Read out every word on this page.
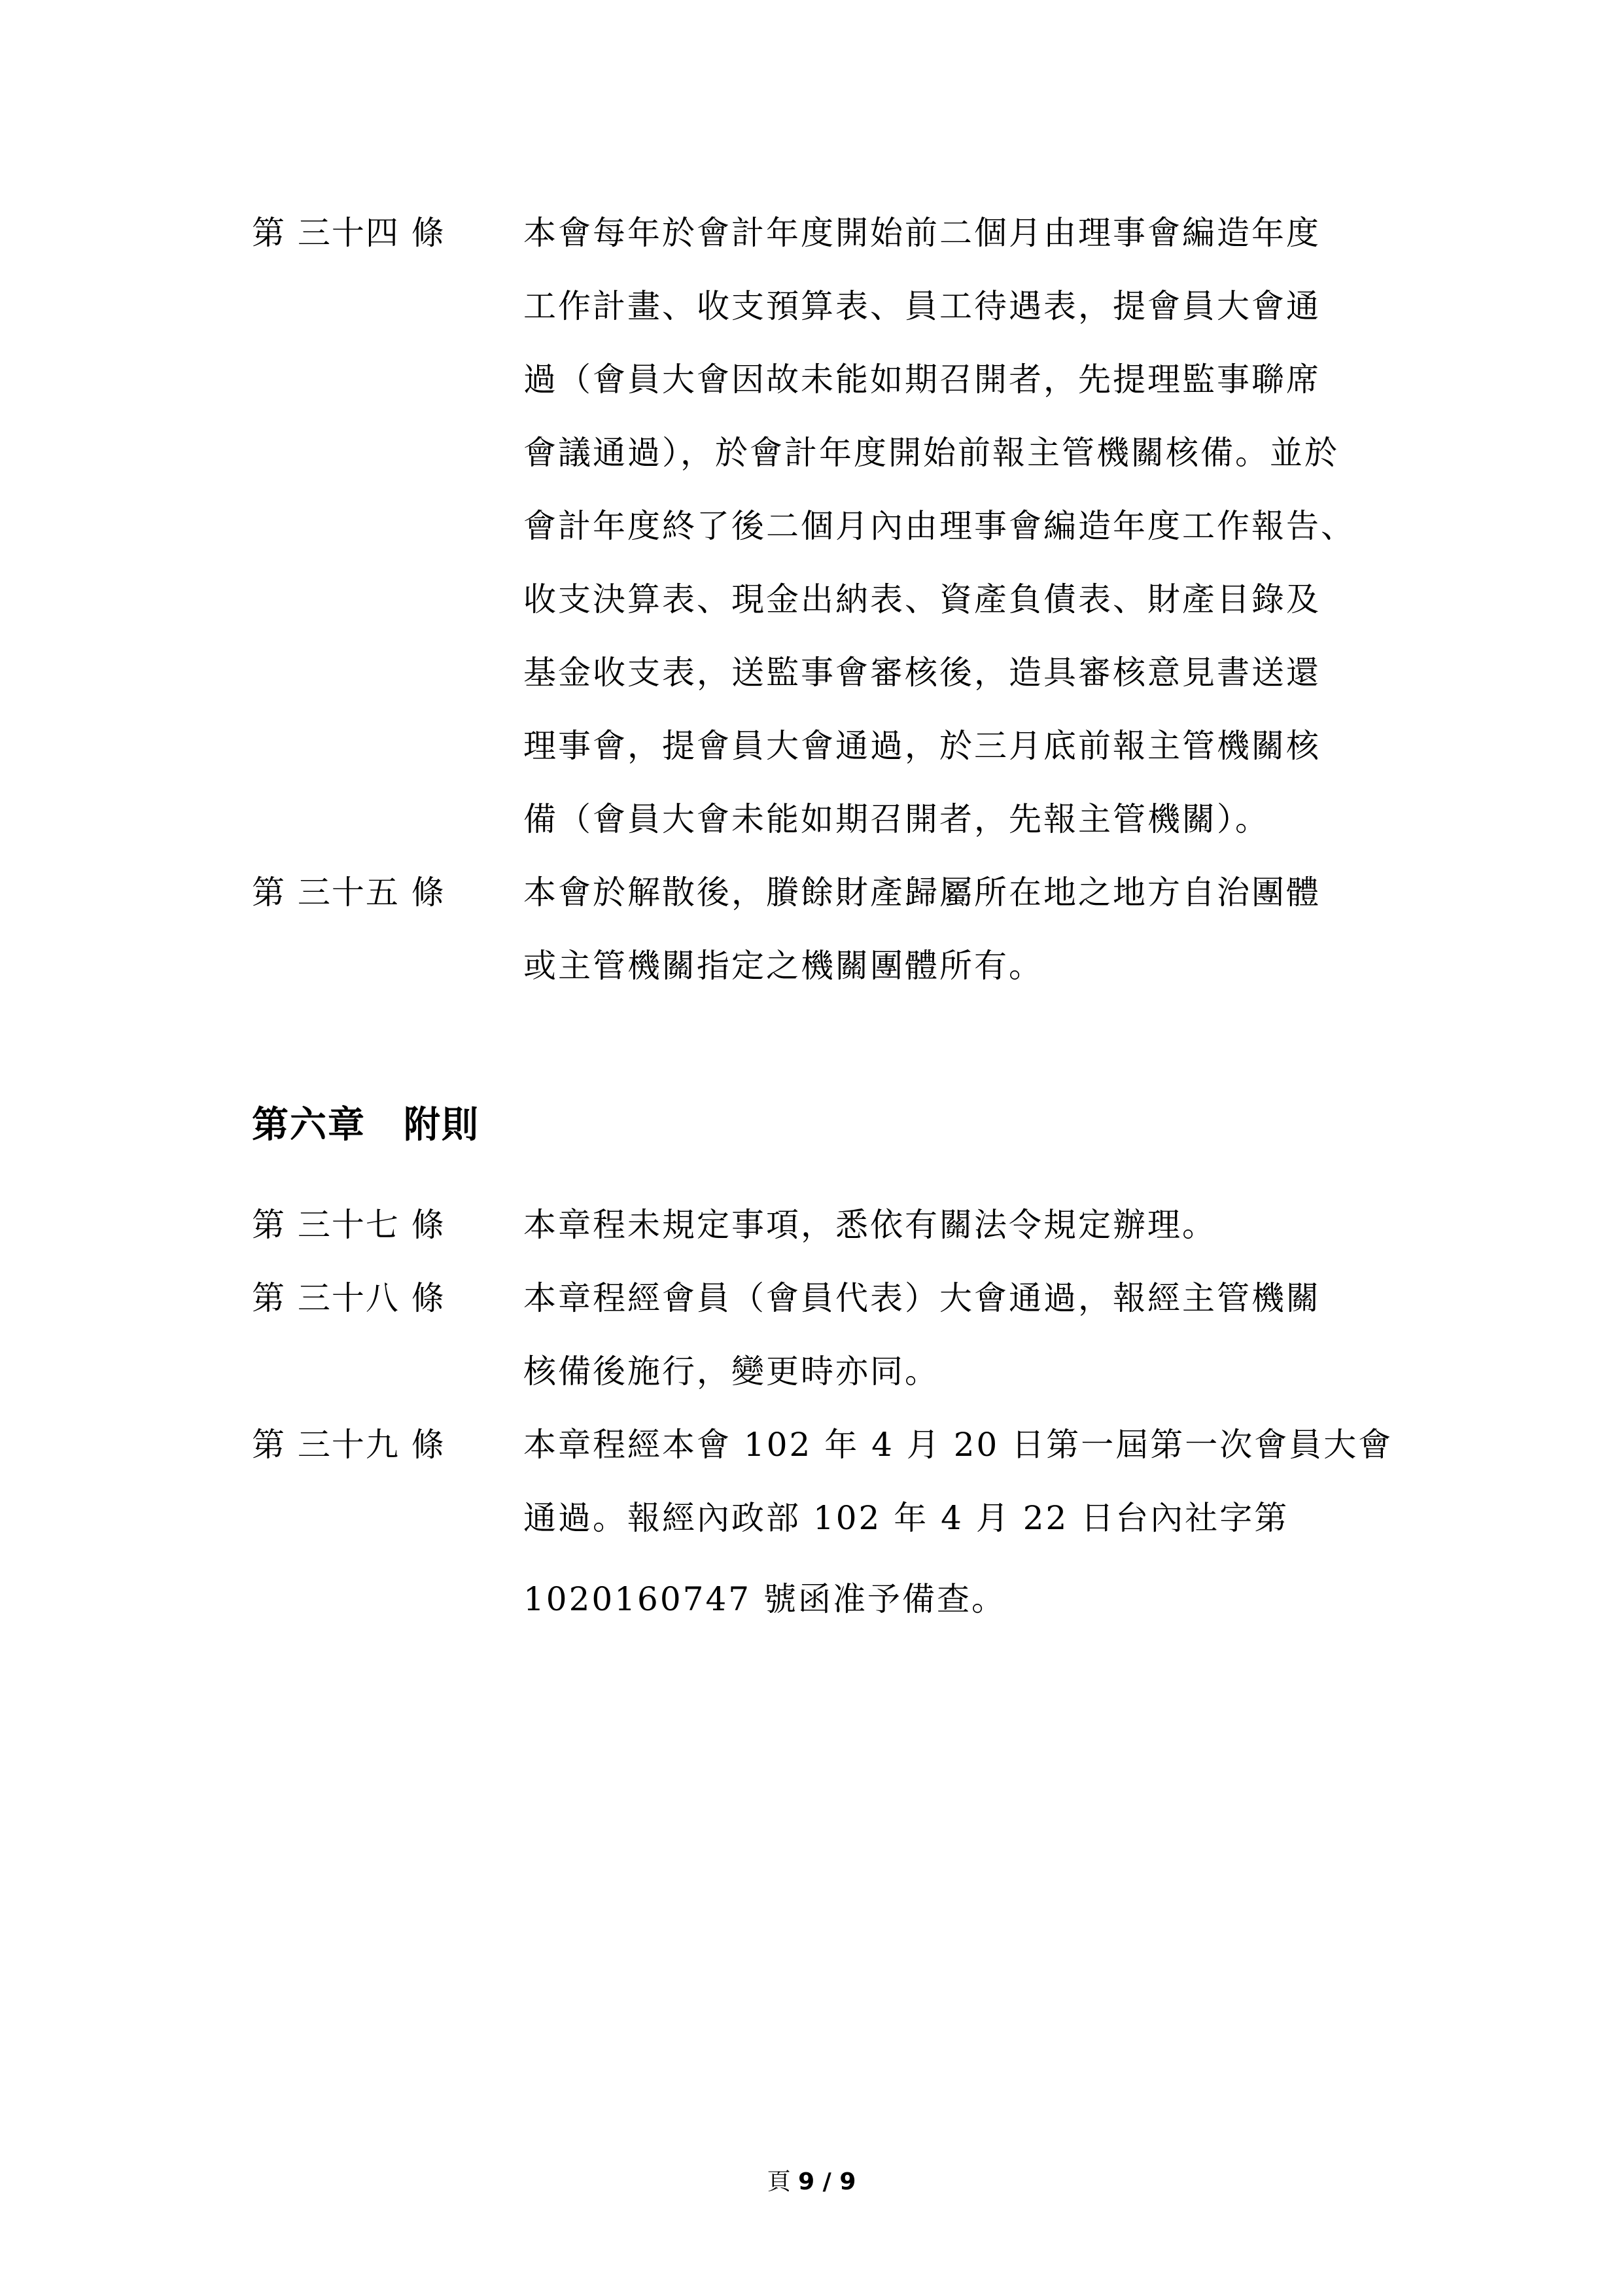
第 三十四 條	本會每年於會計年度開始前二個月由理事會編造年度
工作計畫、收支預算表、員工待遇表，提會員大會通
過（會員大會因故未能如期召開者，先提理監事聯席
會議通過），於會計年度開始前報主管機關核備。並於
會計年度終了後二個月內由理事會編造年度工作報告、
收支決算表、現金出納表、資產負債表、財產目錄及
基金收支表，送監事會審核後，造具審核意見書送還
理事會，提會員大會通過，於三月底前報主管機關核
備（會員大會未能如期召開者，先報主管機關）。
第 三十五 條	本會於解散後，賸餘財產歸屬所在地之地方自治團體
或主管機關指定之機關團體所有。
第六章　附則
第 三十七 條	本章程未規定事項，悉依有關法令規定辦理。
第 三十八 條	本章程經會員（會員代表）大會通過，報經主管機關
核備後施行，變更時亦同。
第 三十九 條	本章程經本會 102 年 4 月 20 日第一屆第一次會員大會
通過。報經內政部 102 年 4 月 22 日台內社字第
1020160747 號函准予備查。
頁 9 / 9
